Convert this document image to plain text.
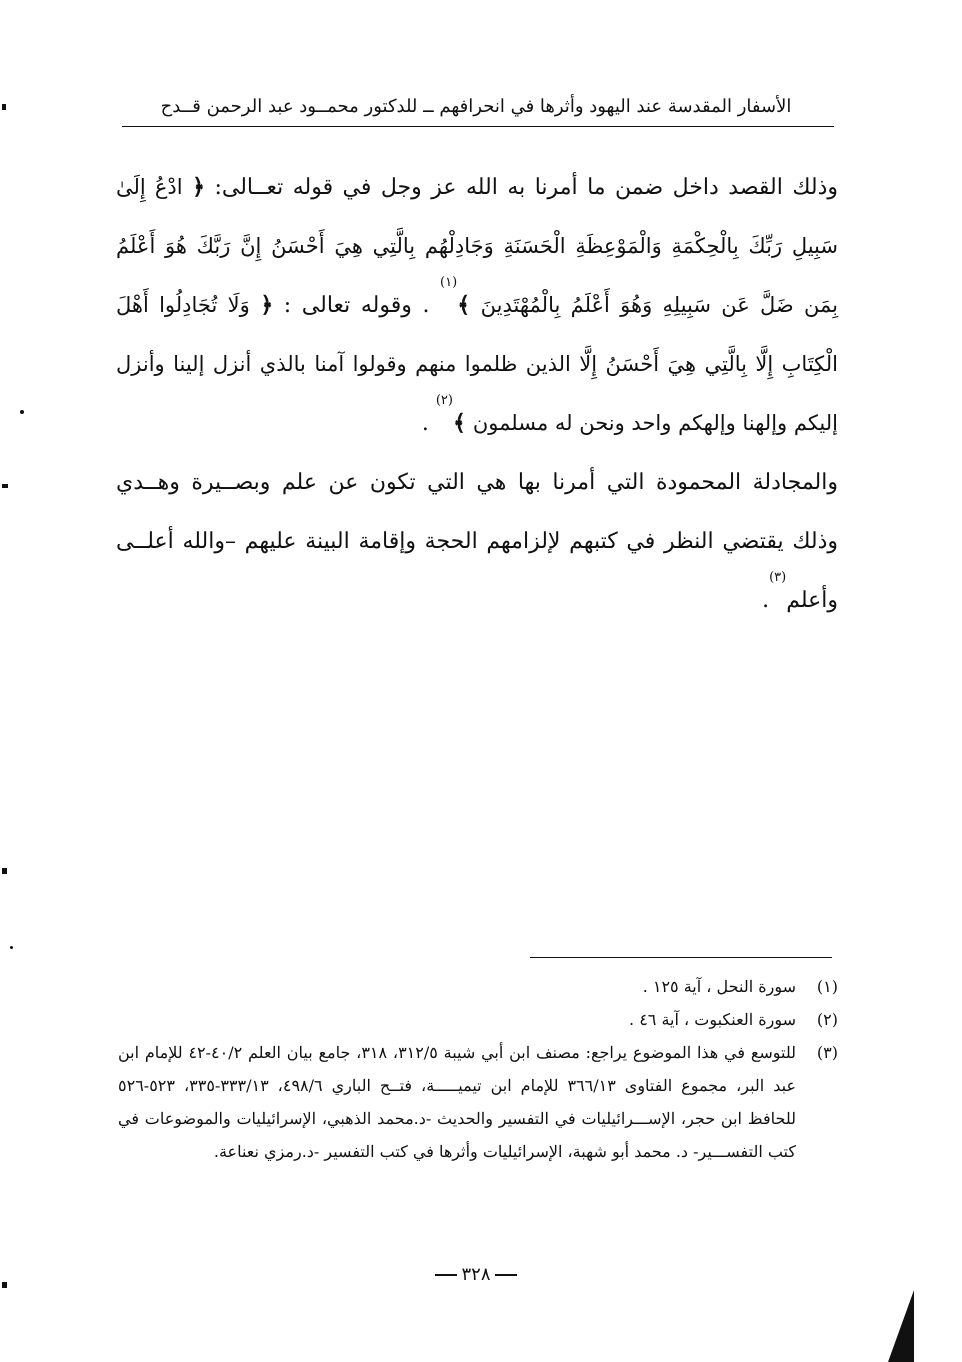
الأسفار المقدسة عند اليهود وأثرها في انحرافهم ــ للدكتور محمــود عبد الرحمن قــدح

وذلك القصد داخل ضمن ما أمرنا به الله عز وجل في قوله تعــالى: ﴿ ادْعُ إِلَىٰ سَبِيلِ رَبِّكَ بِالْحِكْمَةِ وَالْمَوْعِظَةِ الْحَسَنَةِ وَجَادِلْهُم بِالَّتِي هِيَ أَحْسَنُ إِنَّ رَبَّكَ هُوَ أَعْلَمُ بِمَن ضَلَّ عَن سَبِيلِهِ وَهُوَ أَعْلَمُ بِالْمُهْتَدِينَ ﴾$^{(١)}$ . وقوله تعالى : ﴿ وَلَا تُجَادِلُوا أَهْلَ الْكِتَابِ إِلَّا بِالَّتِي هِيَ أَحْسَنُ إِلَّا الذين ظلموا منهم وقولوا آمنا بالذي أنزل إلينا وأنزل إليكم وإلهنا وإلهكم واحد ونحن له مسلمون ﴾$^{(٢)}$ .

والمجادلة المحمودة التي أمرنا بها هي التي تكون عن علم وبصــيرة وهــدي وذلك يقتضي النظر في كتبهم لإلزامهم الحجة وإقامة البينة عليهم –والله أعلــى وأعلم$^{(٣)}$.

(١)
سورة النحل ، آية ١٢٥ .
(٢)
سورة العنكبوت ، آية ٤٦ .
(٣)
للتوسع في هذا الموضوع يراجع: مصنف ابن أبي شيبة ٣١٢/٥، ٣١٨، جامع بيان العلم ٤٠/٢-٤٢ للإمام ابن عبد البر، مجموع الفتاوى ٣٦٦/١٣ للإمام ابن تيميـــــة، فتــح الباري ٤٩٨/٦، ٣٣٣/١٣-٣٣٥، ٥٢٣-٥٢٦ للحافظ ابن حجر، الإســـرائيليات في التفسير والحديث -د.محمد الذهبي، الإسرائيليات والموضوعات في كتب التفســـير- د. محمد أبو شهبة، الإسرائيليات وأثرها في كتب التفسير -د.رمزي نعناعة.
٣٢٨
